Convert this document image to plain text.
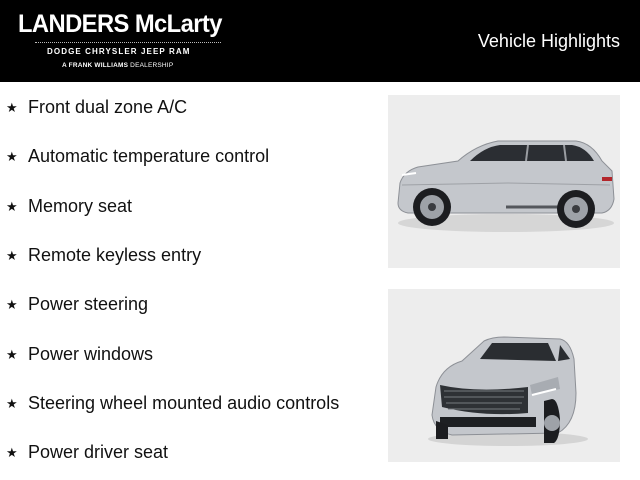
LANDERS McLarty
DODGE CHRYSLER JEEP RAM
A FRANK WILLIAMS DEALERSHIP
Vehicle Highlights
★ Front dual zone A/C
★ Automatic temperature control
★ Memory seat
★ Remote keyless entry
★ Power steering
★ Power windows
★ Steering wheel mounted audio controls
★ Power driver seat
